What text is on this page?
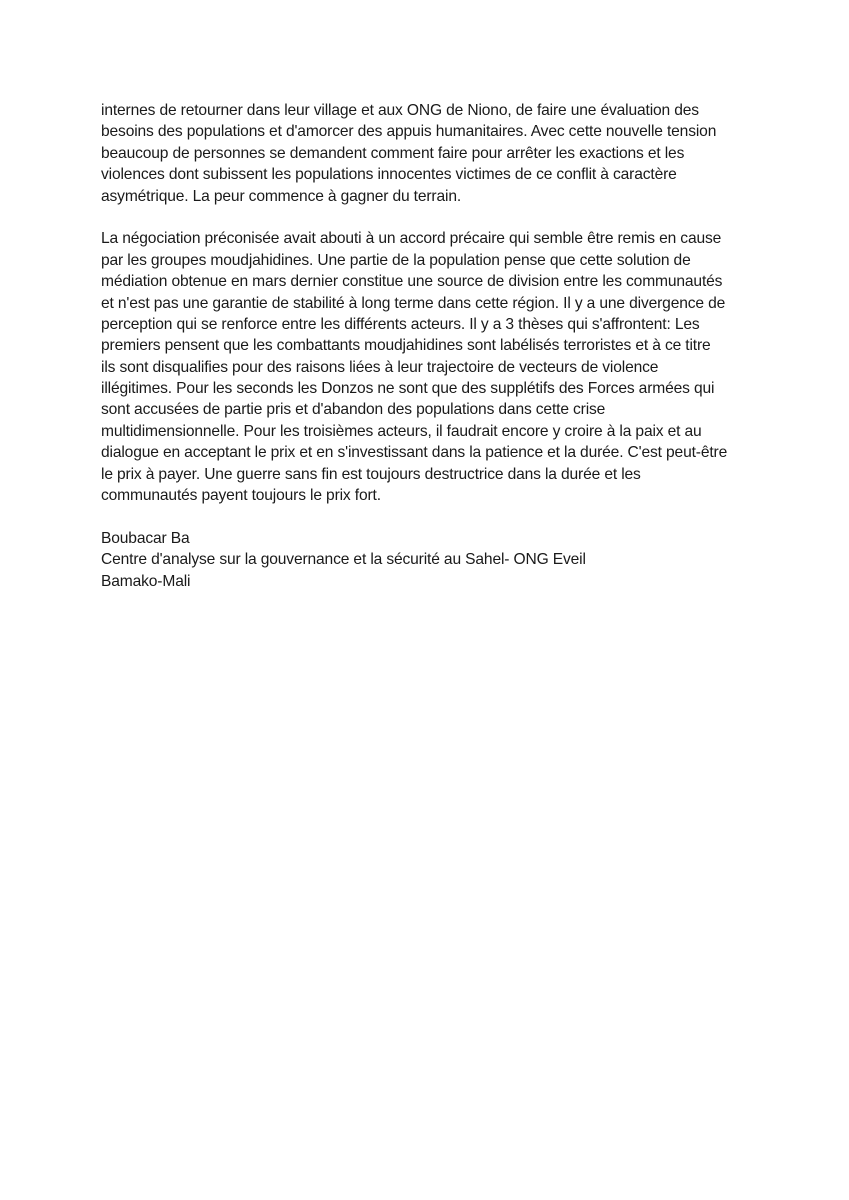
internes de retourner dans leur village et aux ONG de Niono, de faire une évaluation des
besoins des populations et d'amorcer des appuis humanitaires. Avec cette nouvelle tension
beaucoup de personnes se demandent comment faire pour arrêter les exactions et les
violences dont subissent les populations innocentes victimes de ce conflit à caractère
asymétrique. La peur commence à gagner du terrain.

La négociation préconisée avait abouti à un accord précaire qui semble être remis en cause
par les groupes moudjahidines. Une partie de la population pense que cette solution de
médiation obtenue en mars dernier constitue une source de division entre les communautés
et n'est pas une garantie de stabilité à long terme dans cette région. Il y a une divergence de
perception qui se renforce entre les différents acteurs. Il y a 3 thèses qui s'affrontent: Les
premiers pensent que les combattants moudjahidines sont labélisés terroristes et à ce titre
ils sont disqualifies pour des raisons liées à leur trajectoire de vecteurs de violence
illégitimes. Pour les seconds les Donzos ne sont que des supplétifs des Forces armées qui
sont accusées de partie pris et d'abandon des populations dans cette crise
multidimensionnelle. Pour les troisièmes acteurs, il faudrait encore y croire à la paix et au
dialogue en acceptant le prix et en s'investissant dans la patience et la durée. C'est peut-être
le prix à payer. Une guerre sans fin est toujours destructrice dans la durée et les
communautés payent toujours le prix fort.

Boubacar Ba
Centre d'analyse sur la gouvernance et la sécurité au Sahel- ONG Eveil
Bamako-Mali
